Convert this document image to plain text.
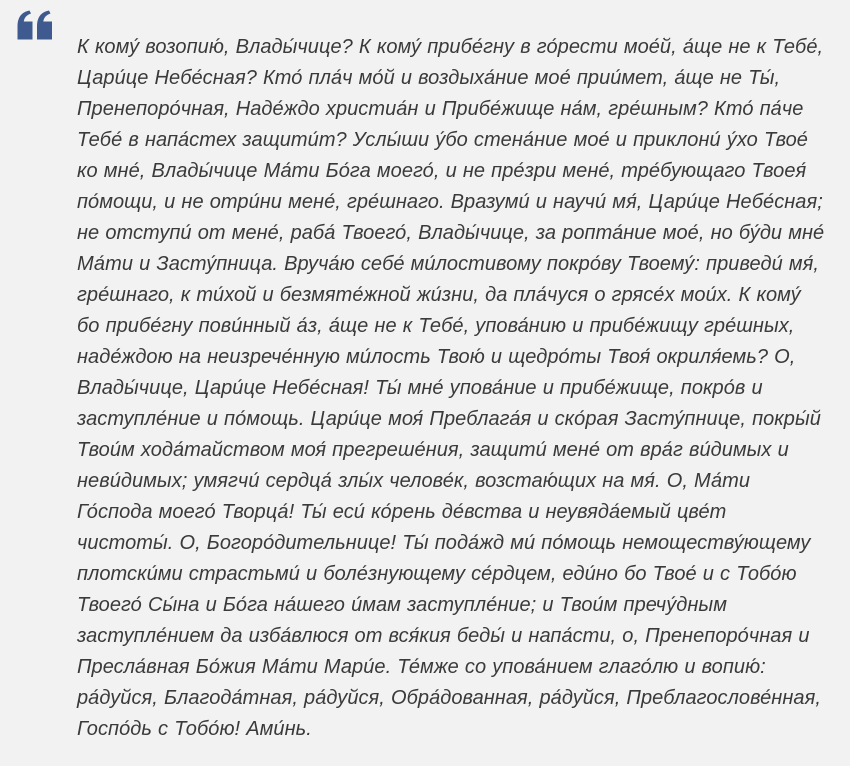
К кому́ возопию́, Влады́чице? К кому́ прибе́гну в го́рести мое́й, а́ще не к Тебе́, Цари́це Небе́сная? Кто́ пла́ч мо́й и воздыха́ние мое́ прии́мет, а́ще не Ты́, Пренепоро́чная, Наде́ждо христиа́н и Прибе́жище на́м, гре́шным? Кто́ па́че Тебе́ в напа́стех защити́т? Услы́ши у́бо стена́ние мое́ и приклони́ у́хо Твое́ ко мне́, Влады́чице Ма́ти Бо́га моего́, и не пре́зри мене́, тре́бующаго Твоея́ по́мощи, и не отри́ни мене́, гре́шнаго. Вразуми́ и научи́ мя́, Цари́це Небе́сная; не отступи́ от мене́, раба́ Твоего́, Влады́чице, за ропта́ние мое́, но бу́ди мне́ Ма́ти и Засту́пница. Вруча́ю себе́ ми́лостивому покро́ву Твоему́: приведи́ мя́, гре́шнаго, к ти́хой и безмяте́жной жи́зни, да пла́чуся о грясе́х мои́х. К кому́ бо прибе́гну пови́нный а́з, а́ще не к Тебе́, упова́нию и прибе́жищу гре́шных, наде́ждою на неизрече́нную ми́лость Твою́ и щедро́ты Твоя́ окриля́емь? О, Влады́чице, Цари́це Небе́сная! Ты́ мне́ упова́ние и прибе́жище, покро́в и заступле́ние и по́мощь. Цари́це моя́ Преблага́я и ско́рая Засту́пнице, покры́й Твои́м хода́тайством моя́ прегреше́ния, защити́ мене́ от вра́г ви́димых и неви́димых; умягчи́ сердца́ злы́х челове́к, возстаю́щих на мя́. О, Ма́ти Го́спода моего́ Творца́! Ты́ еси́ ко́рень де́вства и неувяда́емый цве́т чистоты́. О, Богоро́дительнице! Ты́ пода́жд ми́ по́мощь немоществу́ющему плотски́ми страстьми́ и боле́знующему се́рдцем, еди́но бо Твое́ и с Тобо́ю Твоего́ Сы́на и Бо́га на́шего и́мам заступле́ние; и Твои́м пречу́дным заступле́нием да изба́влюся от вся́кия беды́ и напа́сти, о, Пренепоро́чная и Пресла́вная Бо́жия Ма́ти Мари́е. Те́мже со упова́нием глаго́лю и вопию́: ра́дуйся, Благода́тная, ра́дуйся, Обра́дованная, ра́дуйся, Преблагослове́нная, Госпо́дь с Тобо́ю! Ами́нь.
